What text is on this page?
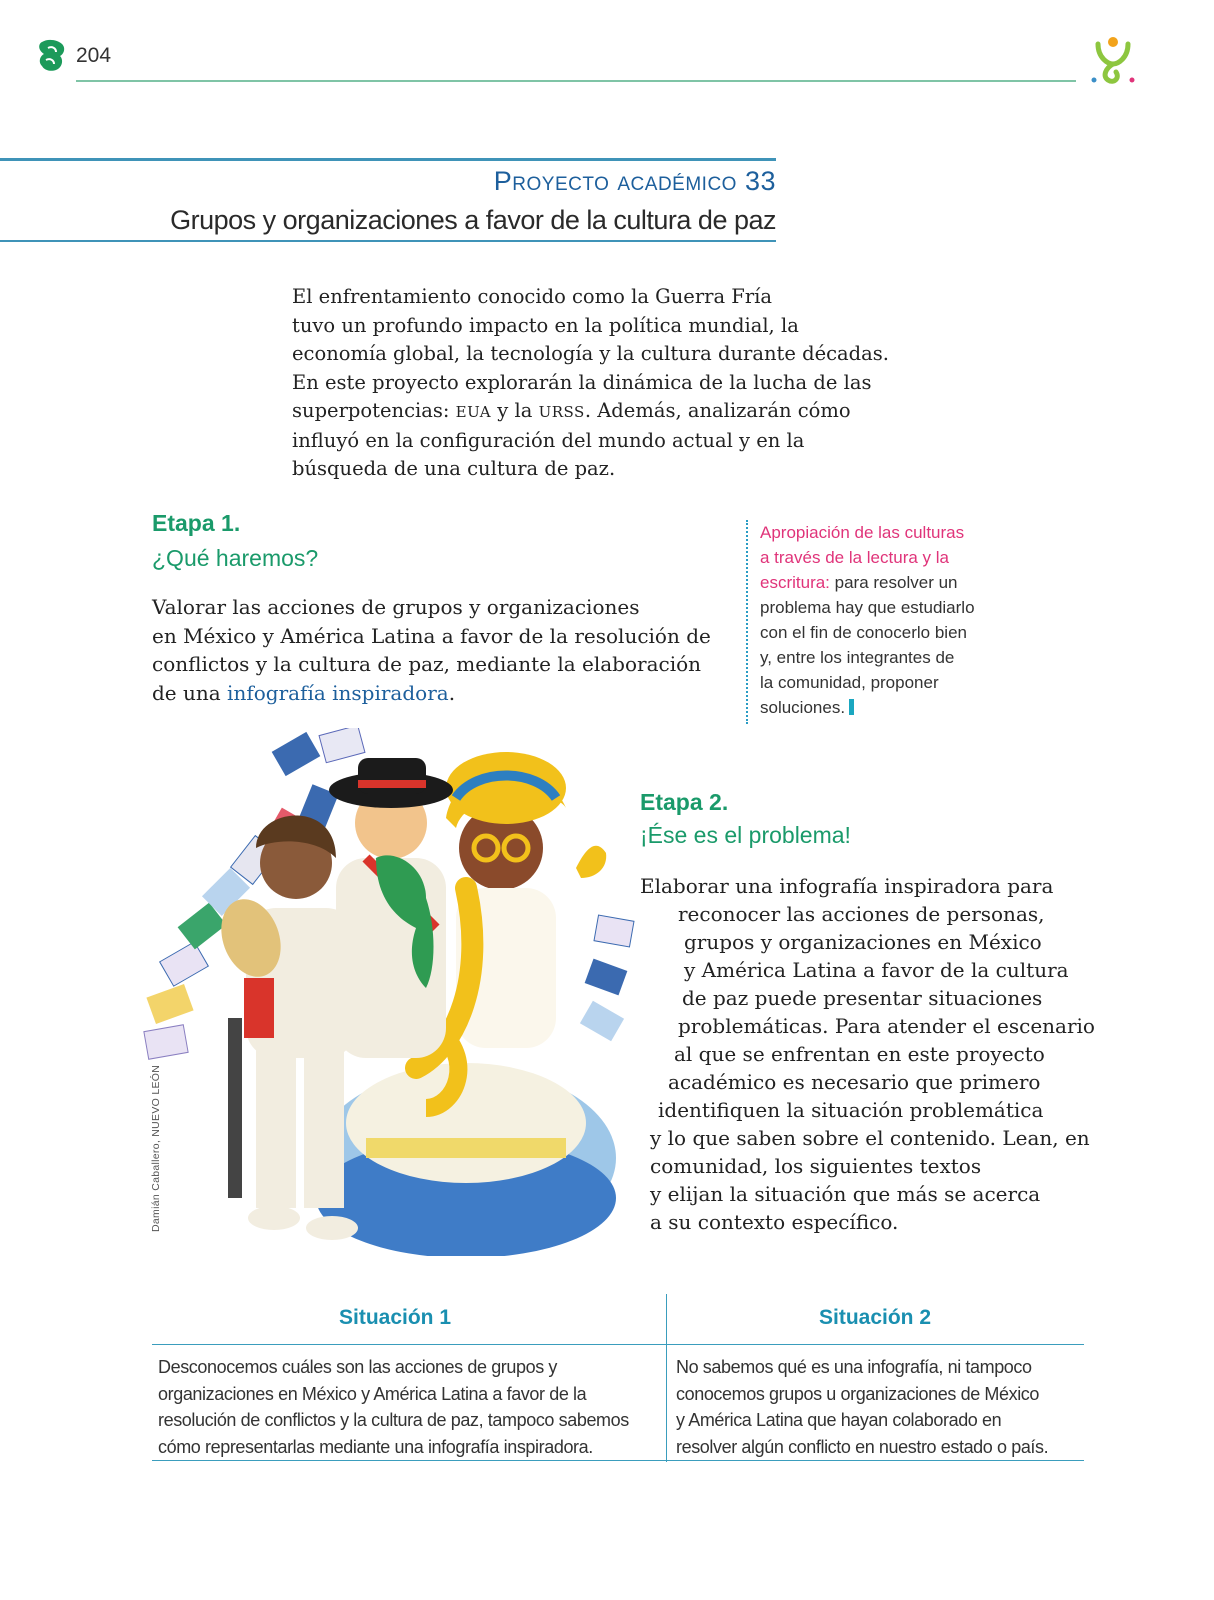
204
Proyecto académico 33
Grupos y organizaciones a favor de la cultura de paz

El enfrentamiento conocido como la Guerra Fría

tuvo un profundo impacto en la política mundial, la

economía global, la tecnología y la cultura durante décadas.

En este proyecto explorarán la dinámica de la lucha de las

superpotencias: EUA y la URSS. Además, analizarán cómo

influyó en la configuración del mundo actual y en la

búsqueda de una cultura de paz.

Etapa 1.
¿Qué haremos?

Valorar las acciones de grupos y organizaciones

en México y América Latina a favor de la resolución de

conflictos y la cultura de paz, mediante la elaboración

de una infografía inspiradora.

Apropiación de las culturas

a través de la lectura y la

escritura: para resolver un

problema hay que estudiarlo

con el fin de conocerlo bien

y, entre los integrantes de

la comunidad, proponer

soluciones.

Damián Caballero, NUEVO LEÓN
Etapa 2.
¡Ése es el problema!

Elaborar una infografía inspiradora para

reconocer las acciones de personas,

grupos y organizaciones en México

y América Latina a favor de la cultura

de paz puede presentar situaciones

problemáticas. Para atender el escenario

al que se enfrentan en este proyecto

académico es necesario que primero

identifiquen la situación problemática

y lo que saben sobre el contenido. Lean, en

comunidad, los siguientes textos

y elijan la situación que más se acerca

a su contexto específico.

Situación 1	Situación 2

Desconocemos cuáles son las acciones de grupos y

organizaciones en México y América Latina a favor de la

resolución de conflictos y la cultura de paz, tampoco sabemos

cómo representarlas mediante una infografía inspiradora.

No sabemos qué es una infografía, ni tampoco

conocemos grupos u organizaciones de México

y América Latina que hayan colaborado en

resolver algún conflicto en nuestro estado o país.
